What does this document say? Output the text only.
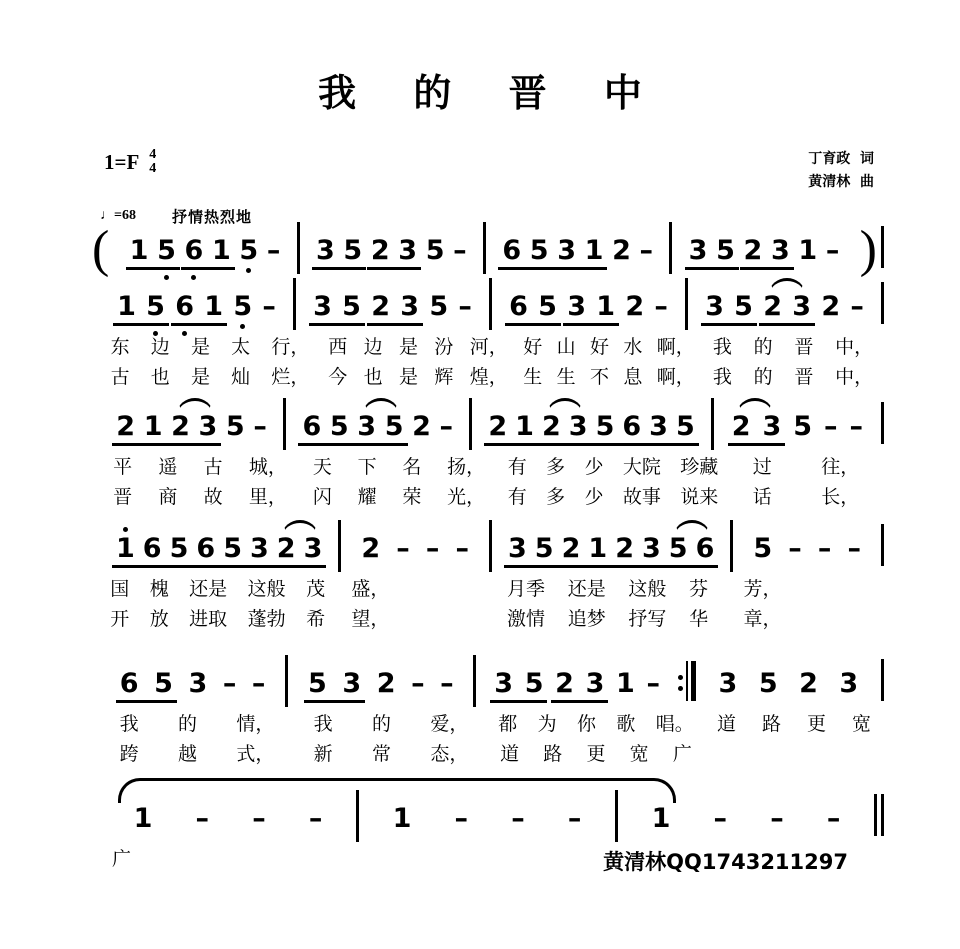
我 的 晋 中
1=F 4
4
丁育政  词
黄清林  曲
♩=68 抒情热烈地
( 1 5 6 1 5 – 3 5 2 3 5 – 6 5 3 1 2 – 3 5 2 3 1 – )
1 5 6 1 5 – 3 5 2 3 5 – 6 5 3 1 2 – 3 5 2 3 2 –
东 边 是 太 行， 西 边 是 汾 河， 好 山 好 水 啊， 我 的 晋 中，
古 也 是 灿 烂， 今 也 是 辉 煌， 生 生 不 息 啊， 我 的 晋 中，
2 1 2 3 5 – 6 5 3 5 2 – 2 1 2 3 5 6 3 5 2 3 5 – –
平 遥 古 城， 天 下 名 扬， 有 多 少 大院 珍藏 过	往，
晋 商 故 里， 闪 耀 荣 光， 有 多 少 故事 说来 话	长，
1 6 5 6 5 3 2 3 2 – – – 3 5 2 1 2 3 5 6 5 – – –
国 槐 还是 这般 茂 盛，	月季 还是 这般 芬 芳，
开 放 进取 蓬勃 希 望，	激情 追梦 抒写 华 章，
6 5 3 – – 5 3 2 – – 3 5 2 3 1 – 3 5 2 3
我 的 情， 我 的 爱， 都 为 你 歌 唱。 道 路 更 宽
跨 越 式， 新 常 态， 道 路 更 宽 广
1 – – –	1 – – –	1 – – –
广	黄清林QQ1743211297
